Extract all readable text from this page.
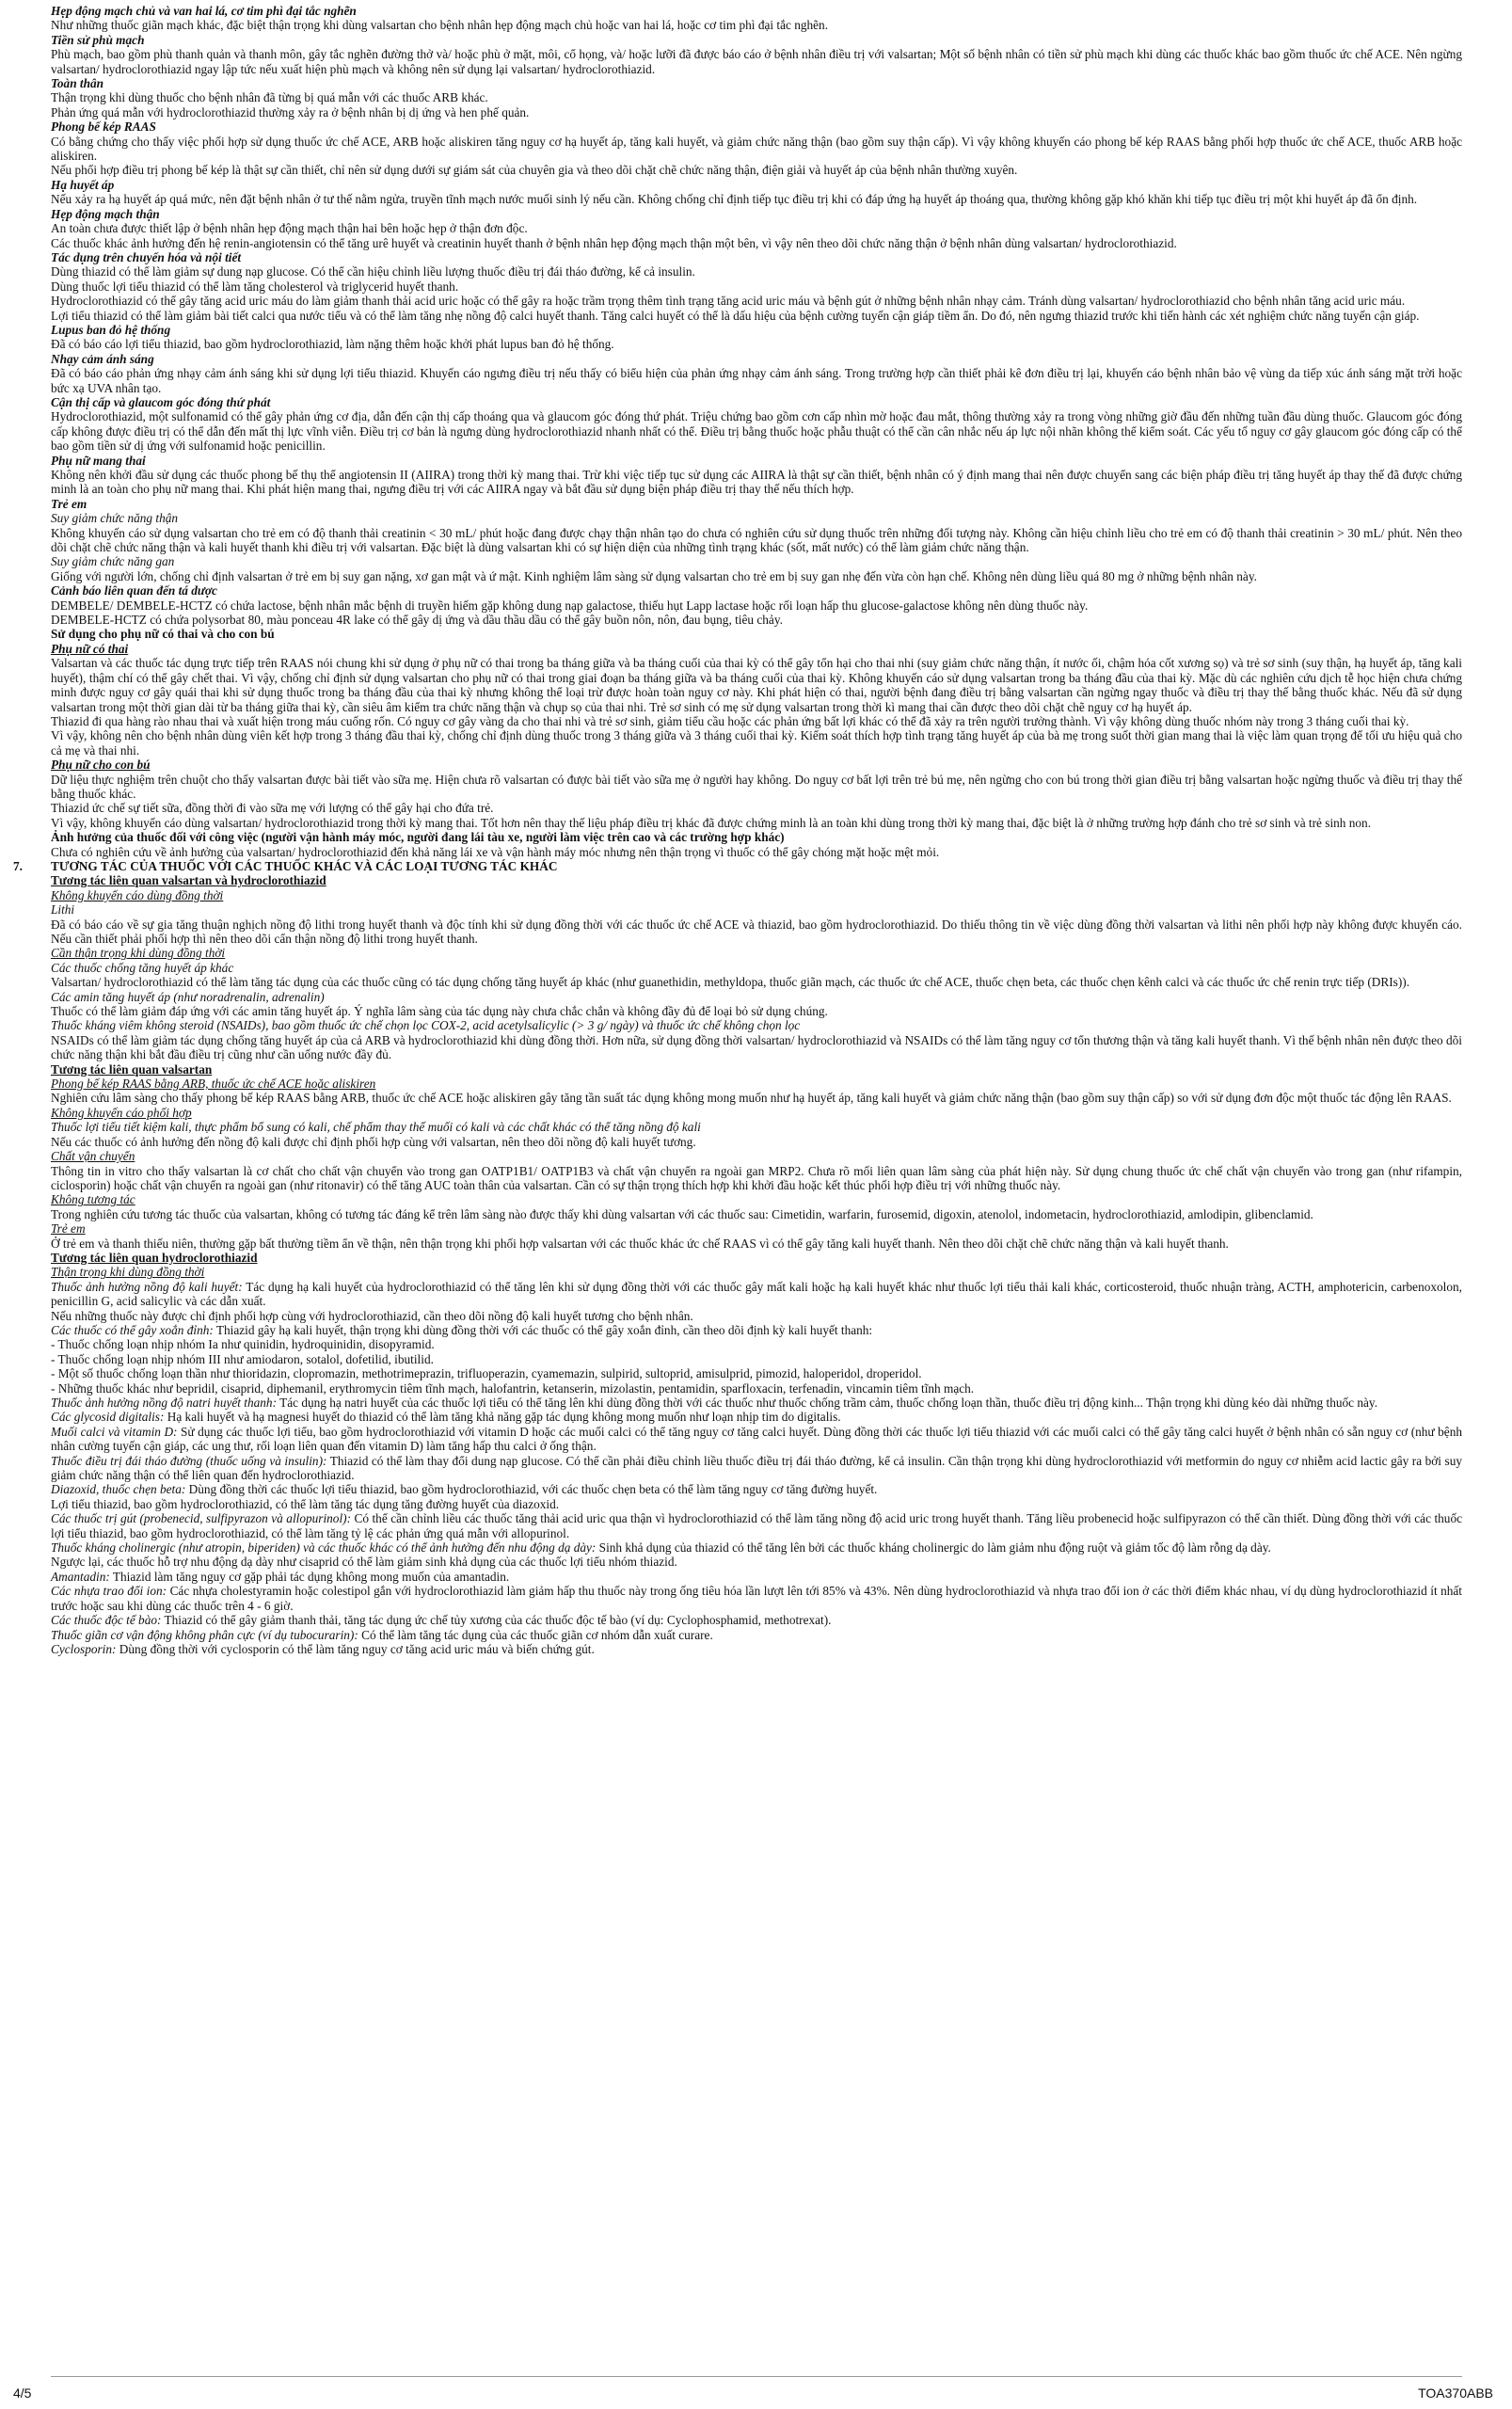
Hẹp động mạch chủ và van hai lá, cơ tim phì đại tắc nghẽn
Như những thuốc giãn mạch khác, đặc biệt thận trọng khi dùng valsartan cho bệnh nhân hẹp động mạch chủ hoặc van hai lá, hoặc cơ tim phì đại tắc nghẽn.
Tiền sử phù mạch
Phù mạch, bao gồm phù thanh quản và thanh môn, gây tắc nghẽn đường thở và/ hoặc phù ở mặt, môi, cổ họng, và/ hoặc lưỡi đã được báo cáo ở bệnh nhân điều trị với valsartan; Một số bệnh nhân có tiền sử phù mạch khi dùng các thuốc khác bao gồm thuốc ức chế ACE. Nên ngừng valsartan/ hydroclorothiazid ngay lập tức nếu xuất hiện phù mạch và không nên sử dụng lại valsartan/ hydroclorothiazid.
Toàn thân
Thận trọng khi dùng thuốc cho bệnh nhân đã từng bị quá mẫn với các thuốc ARB khác.
Phản ứng quá mẫn với hydroclorothiazid thường xảy ra ở bệnh nhân bị dị ứng và hen phế quản.
Phong bế kép RAAS
Có bằng chứng cho thấy việc phối hợp sử dụng thuốc ức chế ACE, ARB hoặc aliskiren tăng nguy cơ hạ huyết áp, tăng kali huyết, và giảm chức năng thận (bao gồm suy thận cấp). Vì vậy không khuyến cáo phong bế kép RAAS bằng phối hợp thuốc ức chế ACE, thuốc ARB hoặc aliskiren.
Nếu phối hợp điều trị phong bế kép là thật sự cần thiết, chỉ nên sử dụng dưới sự giám sát của chuyên gia và theo dõi chặt chẽ chức năng thận, điện giải và huyết áp của bệnh nhân thường xuyên.
Hạ huyết áp
Nếu xảy ra hạ huyết áp quá mức, nên đặt bệnh nhân ở tư thế nằm ngửa, truyền tĩnh mạch nước muối sinh lý nếu cần. Không chống chỉ định tiếp tục điều trị khi có đáp ứng hạ huyết áp thoáng qua, thường không gặp khó khăn khi tiếp tục điều trị một khi huyết áp đã ổn định.
Hẹp động mạch thận
An toàn chưa được thiết lập ở bệnh nhân hẹp động mạch thận hai bên hoặc hẹp ở thận đơn độc.
Các thuốc khác ảnh hưởng đến hệ renin-angiotensin có thể tăng urê huyết và creatinin huyết thanh ở bệnh nhân hẹp động mạch thận một bên, vì vậy nên theo dõi chức năng thận ở bệnh nhân dùng valsartan/ hydroclorothiazid.
Tác dụng trên chuyển hóa và nội tiết
Dùng thiazid có thể làm giảm sự dung nạp glucose. Có thể cần hiệu chỉnh liều lượng thuốc điều trị đái tháo đường, kể cả insulin.
Dùng thuốc lợi tiểu thiazid có thể làm tăng cholesterol và triglycerid huyết thanh.
Hydroclorothiazid có thể gây tăng acid uric máu do làm giảm thanh thải acid uric hoặc có thể gây ra hoặc trầm trọng thêm tình trạng tăng acid uric máu và bệnh gút ở những bệnh nhân nhạy cảm. Tránh dùng valsartan/ hydroclorothiazid cho bệnh nhân tăng acid uric máu.
Lợi tiểu thiazid có thể làm giảm bài tiết calci qua nước tiểu và có thể làm tăng nhẹ nồng độ calci huyết thanh. Tăng calci huyết có thể là dấu hiệu của bệnh cường tuyến cận giáp tiềm ẩn. Do đó, nên ngưng thiazid trước khi tiến hành các xét nghiệm chức năng tuyến cận giáp.
Lupus ban đỏ hệ thống
Đã có báo cáo lợi tiểu thiazid, bao gồm hydroclorothiazid, làm nặng thêm hoặc khởi phát lupus ban đỏ hệ thống.
Nhạy cảm ánh sáng
Đã có báo cáo phản ứng nhạy cảm ánh sáng khi sử dụng lợi tiểu thiazid. Khuyến cáo ngưng điều trị nếu thấy có biểu hiện của phản ứng nhạy cảm ánh sáng. Trong trường hợp cần thiết phải kê đơn điều trị lại, khuyến cáo bệnh nhân bảo vệ vùng da tiếp xúc ánh sáng mặt trời hoặc bức xạ UVA nhân tạo.
Cận thị cấp và glaucom góc đóng thứ phát
Hydroclorothiazid, một sulfonamid có thể gây phản ứng cơ địa, dẫn đến cận thị cấp thoáng qua và glaucom góc đóng thứ phát. Triệu chứng bao gồm cơn cấp nhìn mờ hoặc đau mắt, thông thường xảy ra trong vòng những giờ đầu đến những tuần đầu dùng thuốc. Glaucom góc đóng cấp không được điều trị có thể dẫn đến mất thị lực vĩnh viễn. Điều trị cơ bản là ngưng dùng hydroclorothiazid nhanh nhất có thể. Điều trị bằng thuốc hoặc phẫu thuật có thể cần cân nhắc nếu áp lực nội nhãn không thể kiểm soát. Các yếu tố nguy cơ gây glaucom góc đóng cấp có thể bao gồm tiền sử dị ứng với sulfonamid hoặc penicillin.
Phụ nữ mang thai
Không nên khởi đầu sử dụng các thuốc phong bế thụ thể angiotensin II (AIIRA) trong thời kỳ mang thai. Trừ khi việc tiếp tục sử dụng các AIIRA là thật sự cần thiết, bệnh nhân có ý định mang thai nên được chuyển sang các biện pháp điều trị tăng huyết áp thay thế đã được chứng minh là an toàn cho phụ nữ mang thai. Khi phát hiện mang thai, ngưng điều trị với các AIIRA ngay và bắt đầu sử dụng biện pháp điều trị thay thế nếu thích hợp.
Trẻ em
Suy giảm chức năng thận
Không khuyến cáo sử dụng valsartan cho trẻ em có độ thanh thải creatinin < 30 mL/ phút hoặc đang được chạy thận nhân tạo do chưa có nghiên cứu sử dụng thuốc trên những đối tượng này. Không cần hiệu chỉnh liều cho trẻ em có độ thanh thải creatinin > 30 mL/ phút. Nên theo dõi chặt chẽ chức năng thận và kali huyết thanh khi điều trị với valsartan. Đặc biệt là dùng valsartan khi có sự hiện diện của những tình trạng khác (sốt, mất nước) có thể làm giảm chức năng thận.
Suy giảm chức năng gan
Giống với người lớn, chống chỉ định valsartan ở trẻ em bị suy gan nặng, xơ gan mật và ứ mật. Kinh nghiệm lâm sàng sử dụng valsartan cho trẻ em bị suy gan nhẹ đến vừa còn hạn chế. Không nên dùng liều quá 80 mg ở những bệnh nhân này.
Cảnh báo liên quan đến tá dược
DEMBELE/ DEMBELE-HCTZ có chứa lactose, bệnh nhân mắc bệnh di truyền hiếm gặp không dung nạp galactose, thiếu hụt Lapp lactase hoặc rối loạn hấp thu glucose-galactose không nên dùng thuốc này.
DEMBELE-HCTZ có chứa polysorbat 80, màu ponceau 4R lake có thể gây dị ứng và dầu thầu dầu có thể gây buồn nôn, nôn, đau bụng, tiêu chảy.
Sử dụng cho phụ nữ có thai và cho con bú
Phụ nữ có thai
Valsartan và các thuốc tác dụng trực tiếp trên RAAS nói chung khi sử dụng ở phụ nữ có thai trong ba tháng giữa và ba tháng cuối của thai kỳ có thể gây tổn hại cho thai nhi (suy giảm chức năng thận, ít nước ối, chậm hóa cốt xương sọ) và trẻ sơ sinh (suy thận, hạ huyết áp, tăng kali huyết), thậm chí có thể gây chết thai. Vì vậy, chống chỉ định sử dụng valsartan cho phụ nữ có thai trong giai đoạn ba tháng giữa và ba tháng cuối của thai kỳ. Không khuyến cáo sử dụng valsartan trong ba tháng đầu của thai kỳ. Mặc dù các nghiên cứu dịch tễ học hiện chưa chứng minh được nguy cơ gây quái thai khi sử dụng thuốc trong ba tháng đầu của thai kỳ nhưng không thể loại trừ được hoàn toàn nguy cơ này. Khi phát hiện có thai, người bệnh đang điều trị bằng valsartan cần ngừng ngay thuốc và điều trị thay thế bằng thuốc khác. Nếu đã sử dụng valsartan trong một thời gian dài từ ba tháng giữa thai kỳ, cần siêu âm kiểm tra chức năng thận và chụp sọ của thai nhi. Trẻ sơ sinh có mẹ sử dụng valsartan trong thời kì mang thai cần được theo dõi chặt chẽ nguy cơ hạ huyết áp.
Thiazid đi qua hàng rào nhau thai và xuất hiện trong máu cuống rốn. Có nguy cơ gây vàng da cho thai nhi và trẻ sơ sinh, giảm tiểu cầu hoặc các phản ứng bất lợi khác có thể đã xảy ra trên người trưởng thành. Vì vậy không dùng thuốc nhóm này trong 3 tháng cuối thai kỳ.
Vì vậy, không nên cho bệnh nhân dùng viên kết hợp trong 3 tháng đầu thai kỳ, chống chỉ định dùng thuốc trong 3 tháng giữa và 3 tháng cuối thai kỳ. Kiểm soát thích hợp tình trạng tăng huyết áp của bà mẹ trong suốt thời gian mang thai là việc làm quan trọng để tối ưu hiệu quả cho cả mẹ và thai nhi.
Phụ nữ cho con bú
Dữ liệu thực nghiệm trên chuột cho thấy valsartan được bài tiết vào sữa mẹ. Hiện chưa rõ valsartan có được bài tiết vào sữa mẹ ở người hay không. Do nguy cơ bất lợi trên trẻ bú mẹ, nên ngừng cho con bú trong thời gian điều trị bằng valsartan hoặc ngừng thuốc và điều trị thay thế bằng thuốc khác.
Thiazid ức chế sự tiết sữa, đồng thời đi vào sữa mẹ với lượng có thể gây hại cho đứa trẻ.
Vì vậy, không khuyến cáo dùng valsartan/ hydroclorothiazid trong thời kỳ mang thai. Tốt hơn nên thay thế liệu pháp điều trị khác đã được chứng minh là an toàn khi dùng trong thời kỳ mang thai, đặc biệt là ở những trường hợp đánh cho trẻ sơ sinh và trẻ sinh non.
Ảnh hưởng của thuốc đối với công việc (người vận hành máy móc, người đang lái tàu xe, người làm việc trên cao và các trường hợp khác)
Chưa có nghiên cứu về ảnh hưởng của valsartan/ hydroclorothiazid đến khả năng lái xe và vận hành máy móc nhưng nên thận trọng vì thuốc có thể gây chóng mặt hoặc mệt mỏi.
7. TƯƠNG TÁC CỦA THUỐC VỚI CÁC THUỐC KHÁC VÀ CÁC LOẠI TƯƠNG TÁC KHÁC
Tương tác liên quan valsartan và hydroclorothiazid
Không khuyến cáo dùng đồng thời
Lithi
Đã có báo cáo về sự gia tăng thuận nghịch nồng độ lithi trong huyết thanh và độc tính khi sử dụng đồng thời với các thuốc ức chế ACE và thiazid, bao gồm hydroclorothiazid. Do thiếu thông tin về việc dùng đồng thời valsartan và lithi nên phối hợp này không được khuyến cáo. Nếu cần thiết phải phối hợp thì nên theo dõi cẩn thận nồng độ lithi trong huyết thanh.
Cần thận trọng khi dùng đồng thời
Các thuốc chống tăng huyết áp khác
Valsartan/ hydroclorothiazid có thể làm tăng tác dụng của các thuốc cũng có tác dụng chống tăng huyết áp khác (như guanethidin, methyldopa, thuốc giãn mạch, các thuốc ức chế ACE, thuốc chẹn beta, các thuốc chẹn kênh calci và các thuốc ức chế renin trực tiếp (DRIs)).
Các amin tăng huyết áp (như noradrenalin, adrenalin)
Thuốc có thể làm giảm đáp ứng với các amin tăng huyết áp. Ý nghĩa lâm sàng của tác dụng này chưa chắc chắn và không đầy đủ để loại bỏ sử dụng chúng.
Thuốc kháng viêm không steroid (NSAIDs), bao gồm thuốc ức chế chọn lọc COX-2, acid acetylsalicylic (> 3 g/ ngày) và thuốc ức chế không chọn lọc
NSAIDs có thể làm giảm tác dụng chống tăng huyết áp của cả ARB và hydroclorothiazid khi dùng đồng thời. Hơn nữa, sử dụng đồng thời valsartan/ hydroclorothiazid và NSAIDs có thể làm tăng nguy cơ tổn thương thận và tăng kali huyết thanh. Vì thế bệnh nhân nên được theo dõi chức năng thận khi bắt đầu điều trị cũng như cần uống nước đầy đủ.
Tương tác liên quan valsartan
Phong bế kép RAAS bằng ARB, thuốc ức chế ACE hoặc aliskiren
Nghiên cứu lâm sàng cho thấy phong bế kép RAAS bằng ARB, thuốc ức chế ACE hoặc aliskiren gây tăng tần suất tác dụng không mong muốn như hạ huyết áp, tăng kali huyết và giảm chức năng thận (bao gồm suy thận cấp) so với sử dụng đơn độc một thuốc tác động lên RAAS.
Không khuyến cáo phối hợp
Thuốc lợi tiểu tiết kiệm kali, thực phẩm bổ sung có kali, chế phẩm thay thế muối có kali và các chất khác có thể tăng nồng độ kali
Nếu các thuốc có ảnh hưởng đến nồng độ kali được chỉ định phối hợp cùng với valsartan, nên theo dõi nồng độ kali huyết tương.
Chất vận chuyển
Thông tin in vitro cho thấy valsartan là cơ chất cho chất vận chuyển vào trong gan OATP1B1/ OATP1B3 và chất vận chuyển ra ngoài gan MRP2. Chưa rõ mối liên quan lâm sàng của phát hiện này. Sử dụng chung thuốc ức chế chất vận chuyển vào trong gan (như rifampin, ciclosporin) hoặc chất vận chuyển ra ngoài gan (như ritonavir) có thể tăng AUC toàn thân của valsartan. Cần có sự thận trọng thích hợp khi khởi đầu hoặc kết thúc phối hợp điều trị với những thuốc này.
Không tương tác
Trong nghiên cứu tương tác thuốc của valsartan, không có tương tác đáng kể trên lâm sàng nào được thấy khi dùng valsartan với các thuốc sau: Cimetidin, warfarin, furosemid, digoxin, atenolol, indometacin, hydroclorothiazid, amlodipin, glibenclamid.
Trẻ em
Ở trẻ em và thanh thiếu niên, thường gặp bất thường tiềm ẩn về thận, nên thận trọng khi phối hợp valsartan với các thuốc khác ức chế RAAS vì có thể gây tăng kali huyết thanh. Nên theo dõi chặt chẽ chức năng thận và kali huyết thanh.
Tương tác liên quan hydroclorothiazid
Thận trọng khi dùng đồng thời
Thuốc ảnh hưởng nồng độ kali huyết: Tác dụng hạ kali huyết của hydroclorothiazid có thể tăng lên khi sử dụng đồng thời với các thuốc gây mất kali hoặc hạ kali huyết khác như thuốc lợi tiểu thải kali khác, corticosteroid, thuốc nhuận tràng, ACTH, amphotericin, carbenoxolon, penicillin G, acid salicylic và các dẫn xuất.
Nếu những thuốc này được chỉ định phối hợp cùng với hydroclorothiazid, cần theo dõi nồng độ kali huyết tương cho bệnh nhân.
Các thuốc có thể gây xoắn đỉnh: Thiazid gây hạ kali huyết, thận trọng khi dùng đồng thời với các thuốc có thể gây xoắn đỉnh, cần theo dõi định kỳ kali huyết thanh:
- Thuốc chống loạn nhịp nhóm Ia như quinidin, hydroquinidin, disopyramid.
- Thuốc chống loạn nhịp nhóm III như amiodaron, sotalol, dofetilid, ibutilid.
- Một số thuốc chống loạn thần như thioridazin, clopromazin, methotrimeprazin, trifluoperazin, cyamemazin, sulpirid, sultoprid, amisulprid, pimozid, haloperidol, droperidol.
- Những thuốc khác như bepridil, cisaprid, diphemanil, erythromycin tiêm tĩnh mạch, halofantrin, ketanserin, mizolastin, pentamidin, sparfloxacin, terfenadin, vincamin tiêm tĩnh mạch.
Thuốc ảnh hưởng nồng độ natri huyết thanh: Tác dụng hạ natri huyết của các thuốc lợi tiểu có thể tăng lên khi dùng đồng thời với các thuốc như thuốc chống trầm cảm, thuốc chống loạn thần, thuốc điều trị động kinh... Thận trọng khi dùng kéo dài những thuốc này.
Các glycosid digitalis: Hạ kali huyết và hạ magnesi huyết do thiazid có thể làm tăng khả năng gặp tác dụng không mong muốn như loạn nhịp tim do digitalis.
Muối calci và vitamin D: Sử dụng các thuốc lợi tiểu, bao gồm hydroclorothiazid với vitamin D hoặc các muối calci có thể tăng nguy cơ tăng calci huyết. Dùng đồng thời các thuốc lợi tiểu thiazid với các muối calci có thể gây tăng calci huyết ở bệnh nhân có sẵn nguy cơ (như bệnh nhân cường tuyến cận giáp, các ung thư, rối loạn liên quan đến vitamin D) làm tăng hấp thu calci ở ống thận.
Thuốc điều trị đái tháo đường (thuốc uống và insulin): Thiazid có thể làm thay đổi dung nạp glucose. Có thể cần phải điều chỉnh liều thuốc điều trị đái tháo đường, kể cả insulin. Cần thận trọng khi dùng hydroclorothiazid với metformin do nguy cơ nhiễm acid lactic gây ra bởi suy giảm chức năng thận có thể liên quan đến hydroclorothiazid.
Diazoxid, thuốc chẹn beta: Dùng đồng thời các thuốc lợi tiểu thiazid, bao gồm hydroclorothiazid, với các thuốc chẹn beta có thể làm tăng nguy cơ tăng đường huyết.
Lợi tiểu thiazid, bao gồm hydroclorothiazid, có thể làm tăng tác dụng tăng đường huyết của diazoxid.
Các thuốc trị gút (probenecid, sulfipyrazon và allopurinol): Có thể cần chỉnh liều các thuốc tăng thải acid uric qua thận vì hydroclorothiazid có thể làm tăng nồng độ acid uric trong huyết thanh. Tăng liều probenecid hoặc sulfipyrazon có thể cần thiết. Dùng đồng thời với các thuốc lợi tiểu thiazid, bao gồm hydroclorothiazid, có thể làm tăng tỷ lệ các phản ứng quá mẫn với allopurinol.
Thuốc kháng cholinergic (như atropin, biperiden) và các thuốc khác có thể ảnh hưởng đến nhu động dạ dày: Sinh khả dụng của thiazid có thể tăng lên bởi các thuốc kháng cholinergic do làm giảm nhu động ruột và giảm tốc độ làm rỗng dạ dày.
Ngược lại, các thuốc hỗ trợ nhu động dạ dày như cisaprid có thể làm giảm sinh khả dụng của các thuốc lợi tiểu nhóm thiazid.
Amantadin: Thiazid làm tăng nguy cơ gặp phải tác dụng không mong muốn của amantadin.
Các nhựa trao đổi ion: Các nhựa cholestyramin hoặc colestipol gắn với hydroclorothiazid làm giảm hấp thu thuốc này trong ống tiêu hóa lần lượt lên tới 85% và 43%. Nên dùng hydroclorothiazid và nhựa trao đổi ion ở các thời điểm khác nhau, ví dụ dùng hydroclorothiazid ít nhất trước hoặc sau khi dùng các thuốc trên 4 - 6 giờ.
Các thuốc độc tế bào: Thiazid có thể gây giảm thanh thải, tăng tác dụng ức chế tủy xương của các thuốc độc tế bào (ví dụ: Cyclophosphamid, methotrexat).
Thuốc giãn cơ vận động không phân cực (ví dụ tubocurarin): Có thể làm tăng tác dụng của các thuốc giãn cơ nhóm dẫn xuất curare.
Cyclosporin: Dùng đồng thời với cyclosporin có thể làm tăng nguy cơ tăng acid uric máu và biến chứng gút.
4/5	TOA370ABB
